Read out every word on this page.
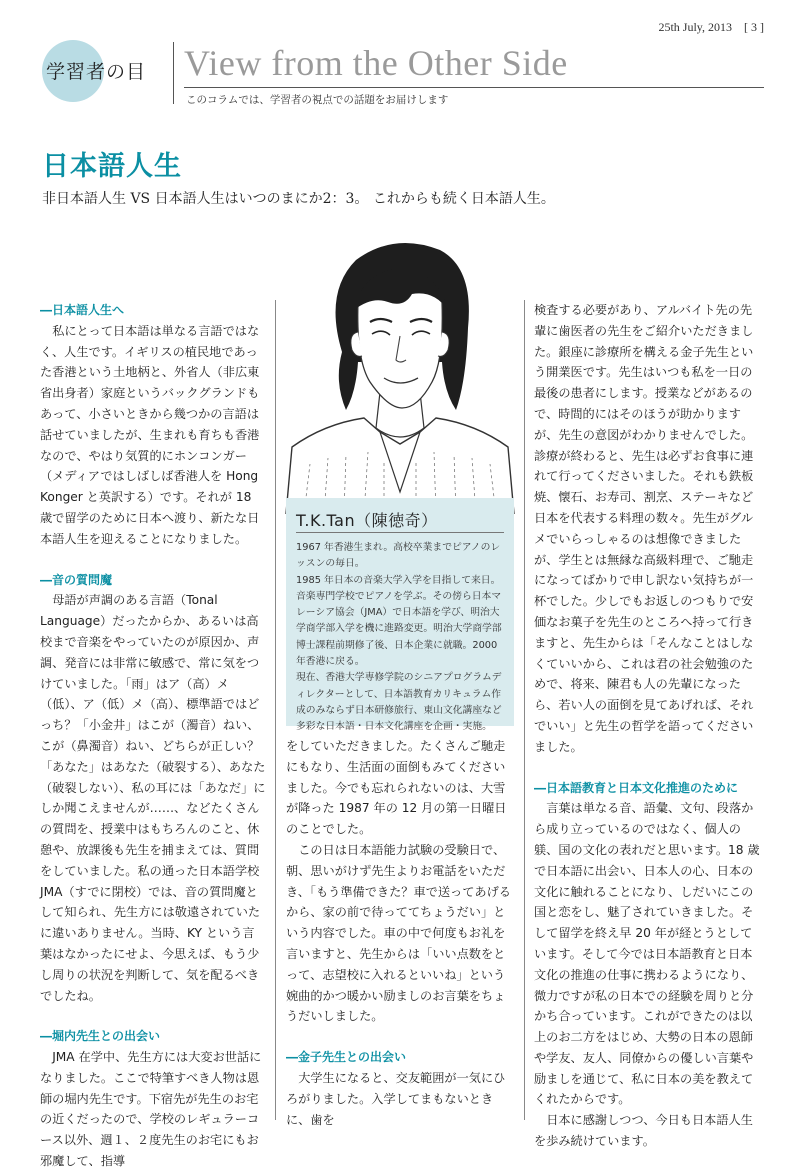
25th July, 2013　[ 3 ]
学習者の目 View from the Other Side
このコラムでは、学習者の視点での話題をお届けします
日本語人生
非日本語人生 VS 日本語人生はいつのまにか2：3。 これからも続く日本語人生。
T.K.Tan（陳徳奇）

1967 年香港生まれ。高校卒業までピアノのレッスンの毎日。

1985 年日本の音楽大学入学を目指して来日。音楽専門学校でピアノを学ぶ。その傍ら日本マレーシア協会（JMA）で日本語を学び、明治大学商学部入学を機に進路変更。明治大学商学部博士課程前期修了後、日本企業に就職。2000 年香港に戻る。

現在、香港大学専修学院のシニアプログラムディレクターとして、日本語教育カリキュラム作成のみならず日本研修旅行、東山文化講座など多彩な日本語・日本文化講座を企画・実施。

―日本語人生へ

私にとって日本語は単なる言語ではなく、人生です。イギリスの植民地であった香港という土地柄と、外省人（非広東省出身者）家庭というバックグランドもあって、小さいときから幾つかの言語は話せていましたが、生まれも育ちも香港なので、やはり気質的にホンコンガー（メディアではしばしば香港人を Hong Konger と英訳する）です。それが 18 歳で留学のために日本へ渡り、新たな日本語人生を迎えることになりました。

―音の質問魔

母語が声調のある言語（Tonal Language）だったからか、あるいは高校まで音楽をやっていたのが原因か、声調、発音には非常に敏感で、常に気をつけていました。「雨」はア（高）メ（低）、ア（低）メ（高）、標準語ではどっち？「小金井」はこが（濁音）ねい、こが（鼻濁音）ねい、どちらが正しい？「あなた」はあなた（破裂する）、あなた（破裂しない）、私の耳には「あなだ」にしか聞こえませんが……、などたくさんの質問を、授業中はもちろんのこと、休憩や、放課後も先生を捕まえては、質問をしていました。私の通った日本語学校 JMA（すでに閉校）では、音の質問魔として知られ、先生方には敬遠されていたに違いありません。当時、KY という言葉はなかったにせよ、今思えば、もう少し周りの状況を判断して、気を配るべきでしたね。

―堀内先生との出会い

JMA 在学中、先生方には大変お世話になりました。ここで特筆すべき人物は恩師の堀内先生です。下宿先が先生のお宅の近くだったので、学校のレギュラーコース以外、週１、２度先生のお宅にもお邪魔して、指導

をしていただきました。たくさんご馳走にもなり、生活面の面倒もみてくださいました。今でも忘れられないのは、大雪が降った 1987 年の 12 月の第一日曜日のことでした。

この日は日本語能力試験の受験日で、朝、思いがけず先生よりお電話をいただき、「もう準備できた？車で送ってあげるから、家の前で待っててちょうだい」という内容でした。車の中で何度もお礼を言いますと、先生からは「いい点数をとって、志望校に入れるといいね」という婉曲的かつ暖かい励ましのお言葉をちょうだいしました。

―金子先生との出会い

大学生になると、交友範囲が一気にひろがりました。入学してまもないときに、歯を

検査する必要があり、アルバイト先の先輩に歯医者の先生をご紹介いただきました。銀座に診療所を構える金子先生という開業医です。先生はいつも私を一日の最後の患者にします。授業などがあるので、時間的にはそのほうが助かりますが、先生の意図がわかりませんでした。診療が終わると、先生は必ずお食事に連れて行ってくださいました。それも鉄板焼、懐石、お寿司、割烹、ステーキなど日本を代表する料理の数々。先生がグルメでいらっしゃるのは想像できましたが、学生とは無縁な高級料理で、ご馳走になってばかりで申し訳ない気持ちが一杯でした。少しでもお返しのつもりで安価なお菓子を先生のところへ持って行きますと、先生からは「そんなことはしなくていいから、これは君の社会勉強のためで、将来、陳君も人の先輩になったら、若い人の面倒を見てあげれば、それでいい」と先生の哲学を語ってくださいました。

―日本語教育と日本文化推進のために

言葉は単なる音、語彙、文句、段落から成り立っているのではなく、個人の躾、国の文化の表れだと思います。18 歳で日本語に出会い、日本人の心、日本の文化に触れることになり、しだいにこの国と恋をし、魅了されていきました。そして留学を終え早 20 年が経とうとしています。そして今では日本語教育と日本文化の推進の仕事に携わるようになり、微力ですが私の日本での経験を周りと分かち合っています。これができたのは以上のお二方をはじめ、大勢の日本の恩師や学友、友人、同僚からの優しい言葉や励ましを通じて、私に日本の美を教えてくれたからです。

日本に感謝しつつ、今日も日本語人生を歩み続けています。
